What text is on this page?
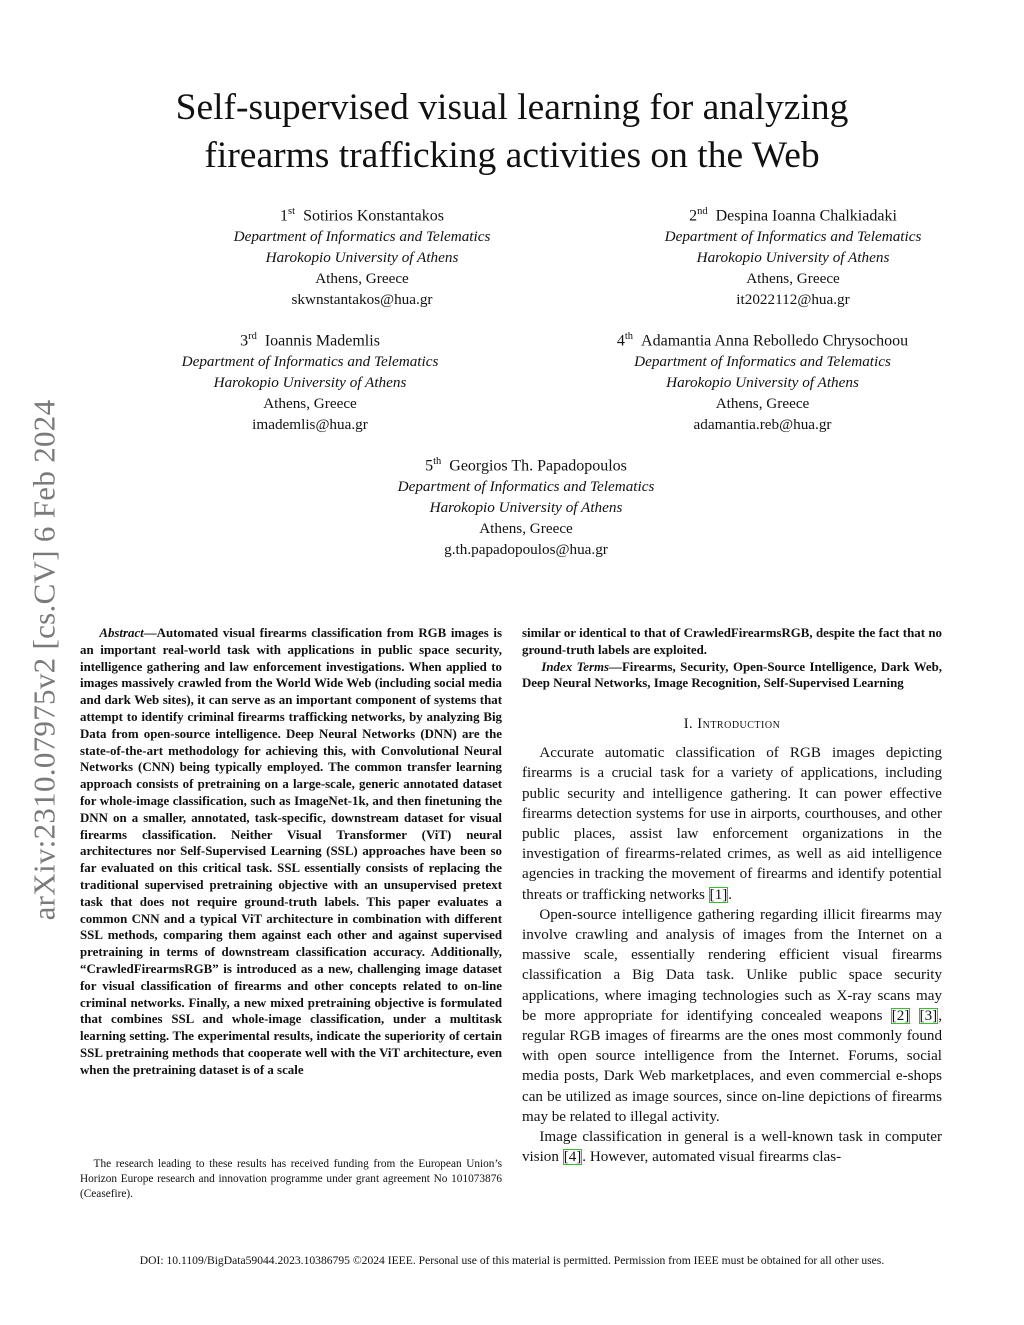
arXiv:2310.07975v2 [cs.CV] 6 Feb 2024
Self-supervised visual learning for analyzing
firearms trafficking activities on the Web
1st Sotirios Konstantakos
Department of Informatics and Telematics
Harokopio University of Athens
Athens, Greece
skwnstantakos@hua.gr
2nd Despina Ioanna Chalkiadaki
Department of Informatics and Telematics
Harokopio University of Athens
Athens, Greece
it2022112@hua.gr
3rd Ioannis Mademlis
Department of Informatics and Telematics
Harokopio University of Athens
Athens, Greece
imademlis@hua.gr
4th Adamantia Anna Rebolledo Chrysochoou
Department of Informatics and Telematics
Harokopio University of Athens
Athens, Greece
adamantia.reb@hua.gr
5th Georgios Th. Papadopoulos
Department of Informatics and Telematics
Harokopio University of Athens
Athens, Greece
g.th.papadopoulos@hua.gr

Abstract—Automated visual firearms classification from RGB images is an important real-world task with applications in public space security, intelligence gathering and law enforcement investigations. When applied to images massively crawled from the World Wide Web (including social media and dark Web sites), it can serve as an important component of systems that attempt to identify criminal firearms trafficking networks, by analyzing Big Data from open-source intelligence. Deep Neural Networks (DNN) are the state-of-the-art methodology for achieving this, with Convolutional Neural Networks (CNN) being typically employed. The common transfer learning approach consists of pretraining on a large-scale, generic annotated dataset for whole-image classification, such as ImageNet-1k, and then finetuning the DNN on a smaller, annotated, task-specific, downstream dataset for visual firearms classification. Neither Visual Transformer (ViT) neural architectures nor Self-Supervised Learning (SSL) approaches have been so far evaluated on this critical task. SSL essentially consists of replacing the traditional supervised pretraining objective with an unsupervised pretext task that does not require ground-truth labels. This paper evaluates a common CNN and a typical ViT architecture in combination with different SSL methods, comparing them against each other and against supervised pretraining in terms of downstream classification accuracy. Additionally, “CrawledFirearmsRGB” is introduced as a new, challenging image dataset for visual classification of firearms and other concepts related to on-line criminal networks. Finally, a new mixed pretraining objective is formulated that combines SSL and whole-image classification, under a multitask learning setting. The experimental results, indicate the superiority of certain SSL pretraining methods that cooperate well with the ViT architecture, even when the pretraining dataset is of a scale

The research leading to these results has received funding from the European Union’s Horizon Europe research and innovation programme under grant agreement No 101073876 (Ceasefire).

similar or identical to that of CrawledFirearmsRGB, despite the fact that no ground-truth labels are exploited.

Index Terms—Firearms, Security, Open-Source Intelligence, Dark Web, Deep Neural Networks, Image Recognition, Self-Supervised Learning

I. Introduction

Accurate automatic classification of RGB images depicting firearms is a crucial task for a variety of applications, including public security and intelligence gathering. It can power effective firearms detection systems for use in airports, courthouses, and other public places, assist law enforcement organizations in the investigation of firearms-related crimes, as well as aid intelligence agencies in tracking the movement of firearms and identify potential threats or trafficking networks [1].

Open-source intelligence gathering regarding illicit firearms may involve crawling and analysis of images from the Internet on a massive scale, essentially rendering efficient visual firearms classification a Big Data task. Unlike public space security applications, where imaging technologies such as X-ray scans may be more appropriate for identifying concealed weapons [2] [3], regular RGB images of firearms are the ones most commonly found with open source intelligence from the Internet. Forums, social media posts, Dark Web marketplaces, and even commercial e-shops can be utilized as image sources, since on-line depictions of firearms may be related to illegal activity.

Image classification in general is a well-known task in computer vision [4]. However, automated visual firearms clas-

DOI: 10.1109/BigData59044.2023.10386795 ©2024 IEEE. Personal use of this material is permitted. Permission from IEEE must be obtained for all other uses.
